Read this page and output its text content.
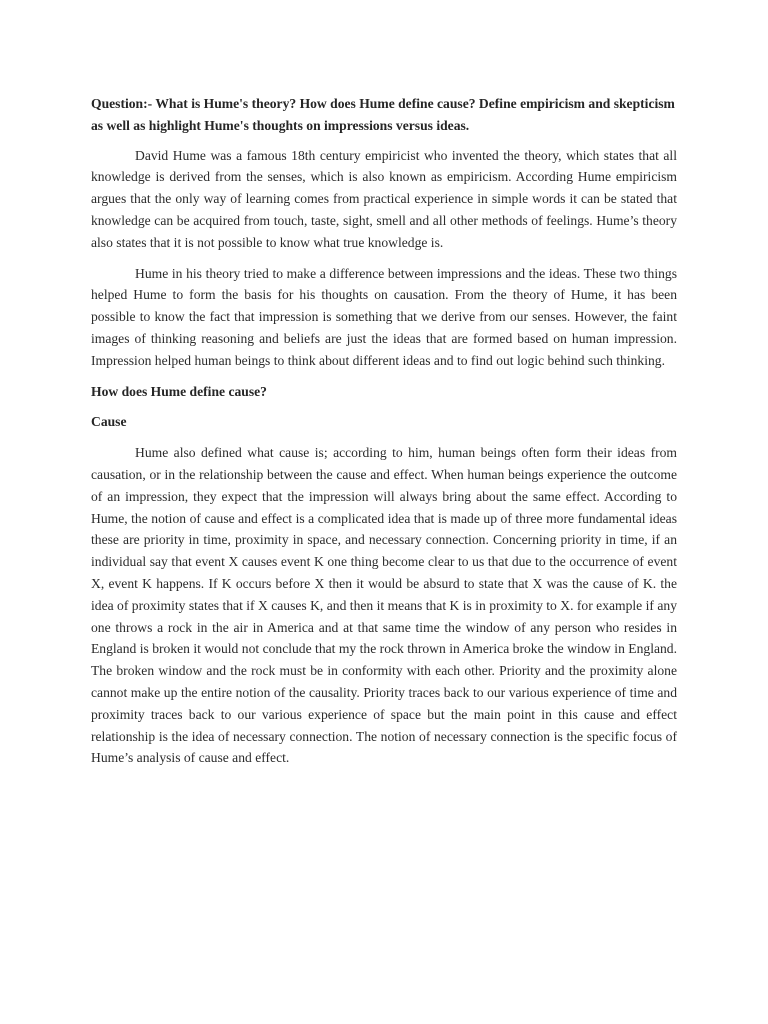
Question:- What is Hume's theory? How does Hume define cause? Define empiricism and skepticism as well as highlight Hume's thoughts on impressions versus ideas.

David Hume was a famous 18th century empiricist who invented the theory, which states that all knowledge is derived from the senses, which is also known as empiricism. According Hume empiricism argues that the only way of learning comes from practical experience in simple words it can be stated that knowledge can be acquired from touch, taste, sight, smell and all other methods of feelings. Hume’s theory also states that it is not possible to know what true knowledge is.

Hume in his theory tried to make a difference between impressions and the ideas. These two things helped Hume to form the basis for his thoughts on causation. From the theory of Hume, it has been possible to know the fact that impression is something that we derive from our senses. However, the faint images of thinking reasoning and beliefs are just the ideas that are formed based on human impression. Impression helped human beings to think about different ideas and to find out logic behind such thinking.

How does Hume define cause?

Cause

Hume also defined what cause is; according to him, human beings often form their ideas from causation, or in the relationship between the cause and effect. When human beings experience the outcome of an impression, they expect that the impression will always bring about the same effect. According to Hume, the notion of cause and effect is a complicated idea that is made up of three more fundamental ideas these are priority in time, proximity in space, and necessary connection. Concerning priority in time, if an individual say that event X causes event K one thing become clear to us that due to the occurrence of event X, event K happens. If K occurs before X then it would be absurd to state that X was the cause of K. the idea of proximity states that if X causes K, and then it means that K is in proximity to X. for example if any one throws a rock in the air in America and at that same time the window of any person who resides in England is broken it would not conclude that my the rock thrown in America broke the window in England. The broken window and the rock must be in conformity with each other. Priority and the proximity alone cannot make up the entire notion of the causality. Priority traces back to our various experience of time and proximity traces back to our various experience of space but the main point in this cause and effect relationship is the idea of necessary connection. The notion of necessary connection is the specific focus of Hume’s analysis of cause and effect.
